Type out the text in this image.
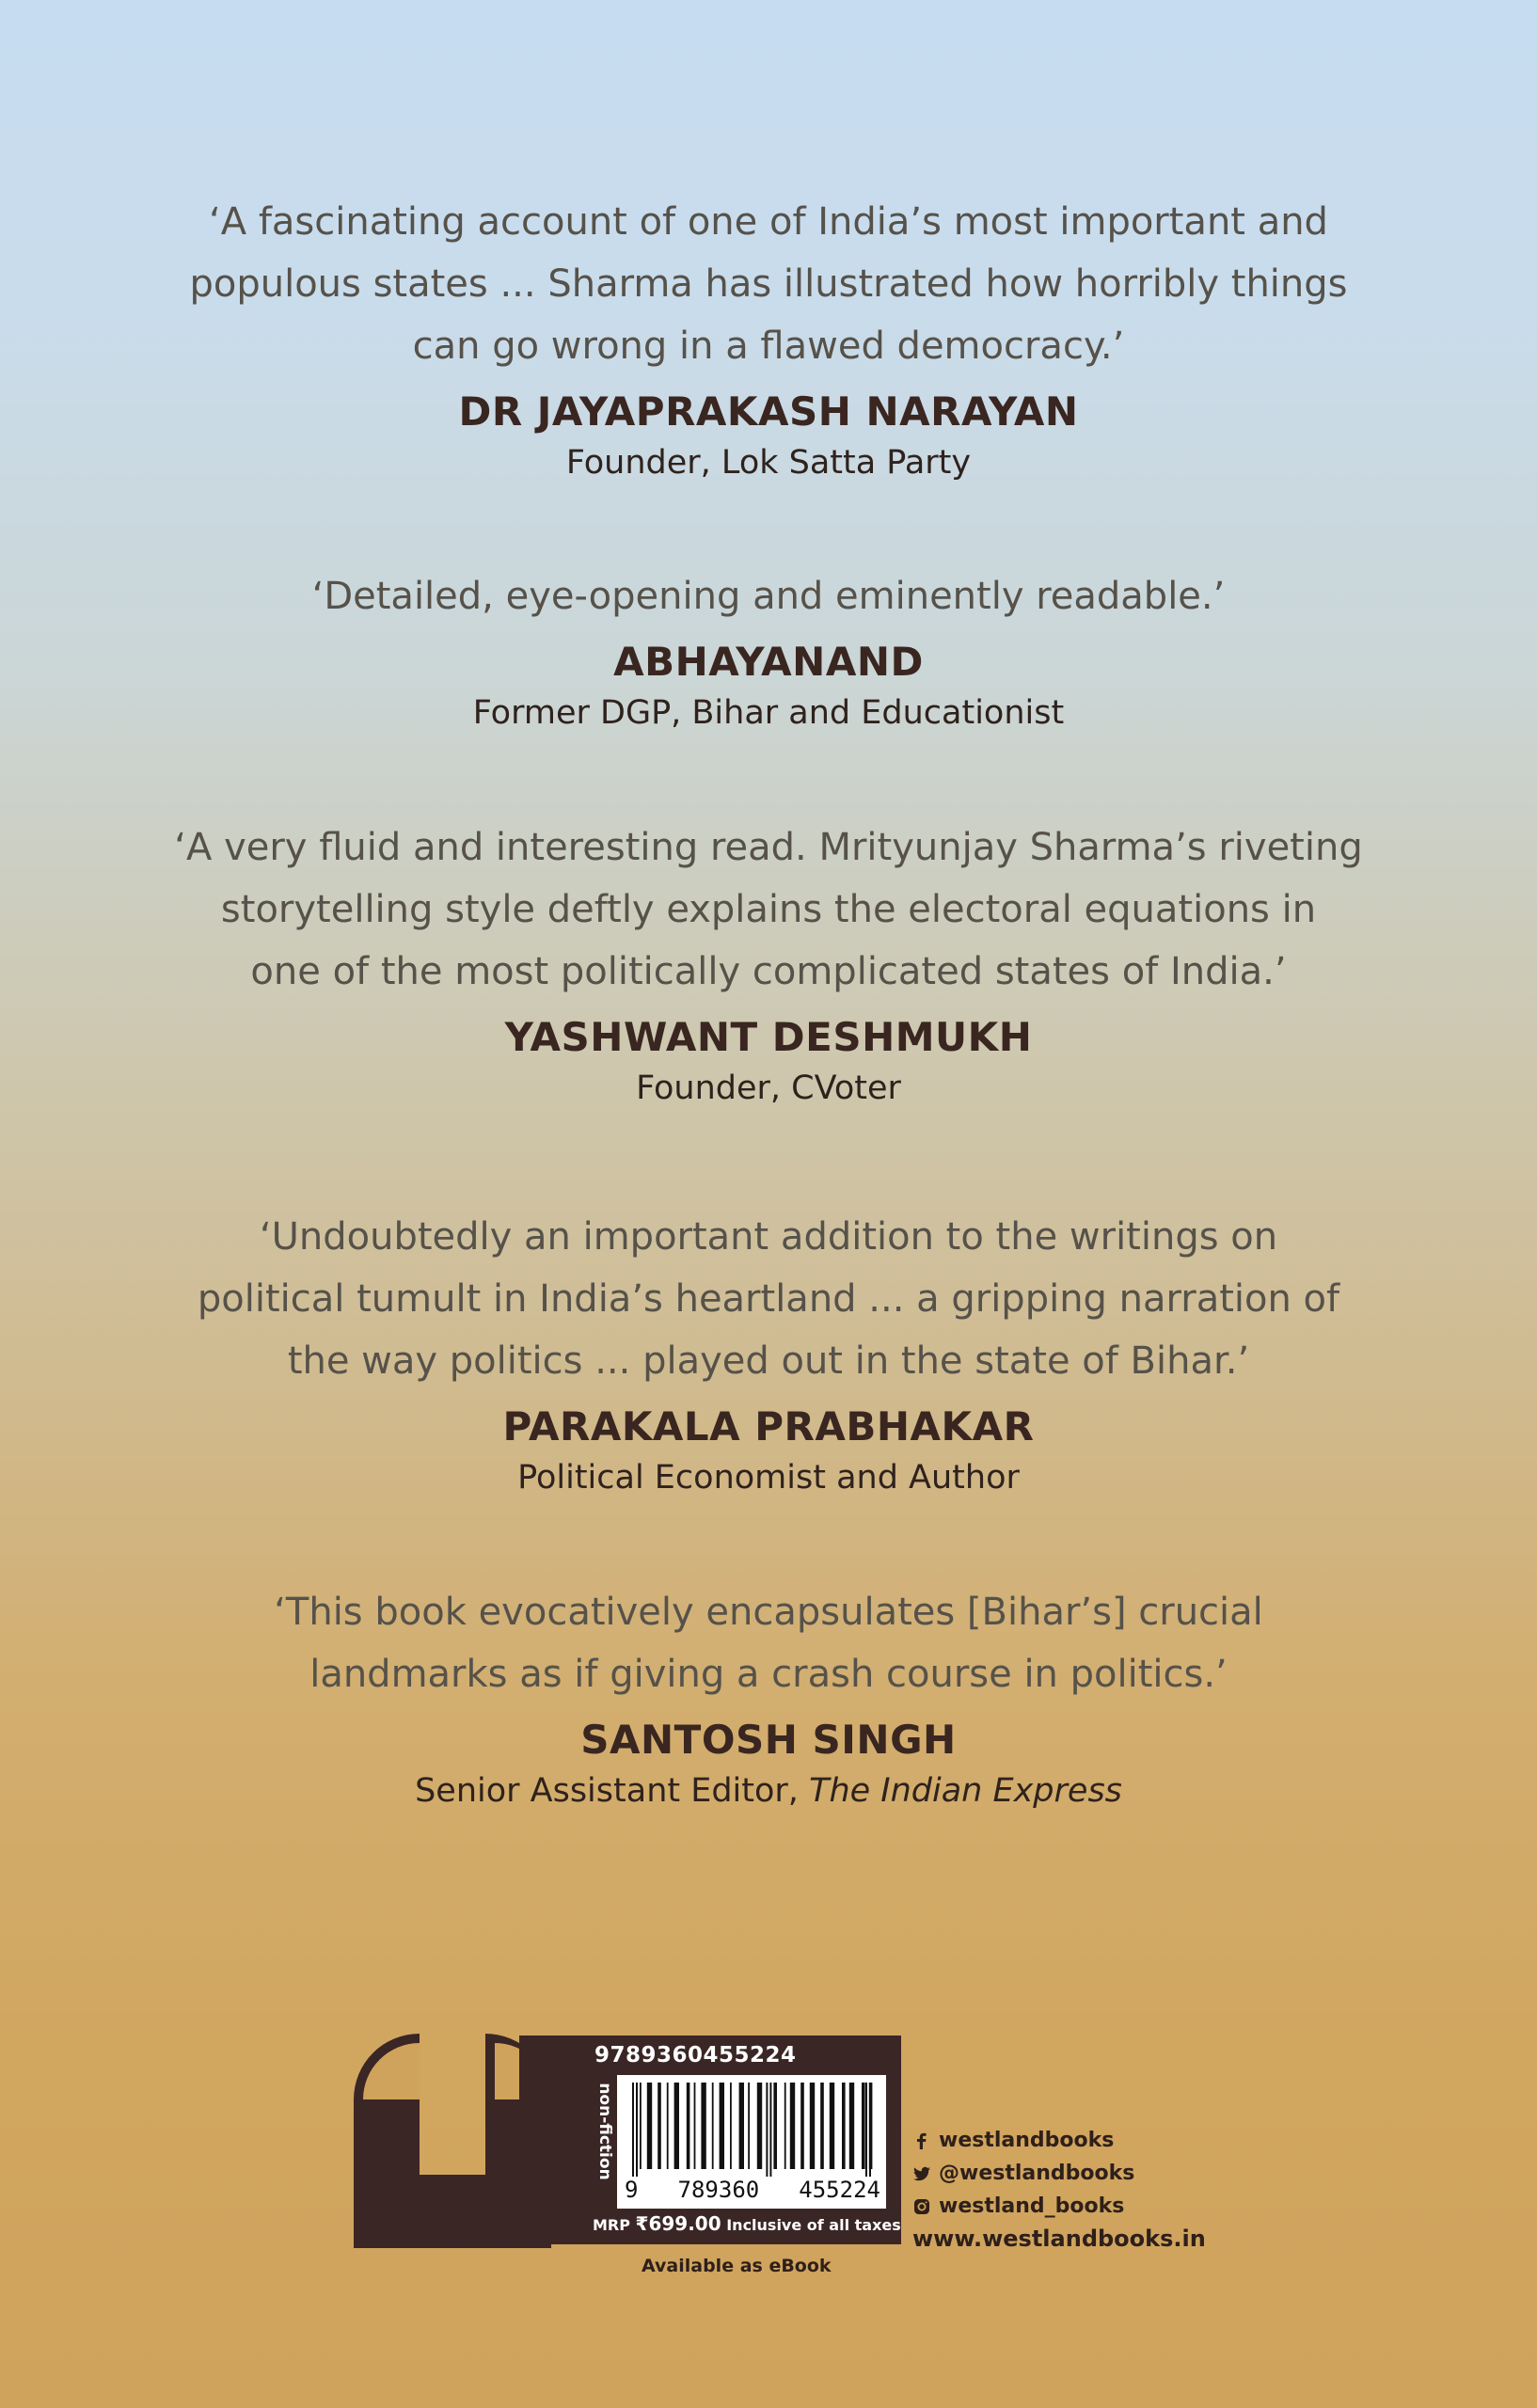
‘A fascinating account of one of India’s most important and
populous states ... Sharma has illustrated how horribly things
can go wrong in a flawed democracy.’
DR JAYAPRAKASH NARAYAN
Founder, Lok Satta Party
‘Detailed, eye-opening and eminently readable.’
ABHAYANAND
Former DGP, Bihar and Educationist
‘A very fluid and interesting read. Mrityunjay Sharma’s riveting
storytelling style deftly explains the electoral equations in
one of the most politically complicated states of India.’
YASHWANT DESHMUKH
Founder, CVoter
‘Undoubtedly an important addition to the writings on
political tumult in India’s heartland ... a gripping narration of
the way politics ... played out in the state of Bihar.’
PARAKALA PRABHAKAR
Political Economist and Author
‘This book evocatively encapsulates [Bihar’s] crucial
landmarks as if giving a crash course in politics.’
SANTOSH SINGH
Senior Assistant Editor, The Indian Express
9789360455224
non-fiction
9 789360 455224
MRP ₹699.00 Inclusive of all taxes
Available as eBook
westlandbooks
@westlandbooks
westland_books
www.westlandbooks.in
